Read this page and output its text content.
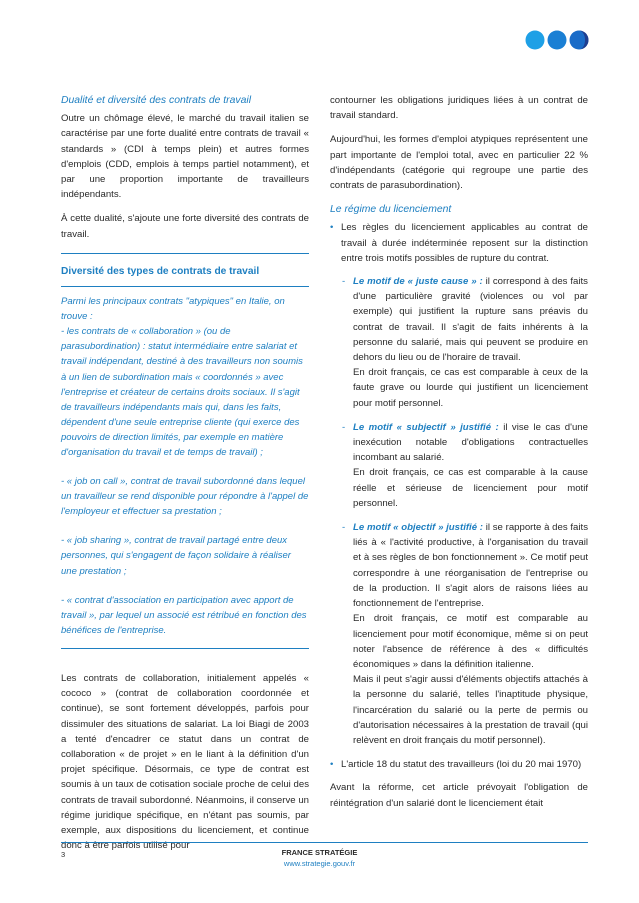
Dualité et diversité des contrats de travail

Outre un chômage élevé, le marché du travail italien se caractérise par une forte dualité entre contrats de travail « standards » (CDI à temps plein) et autres formes d'emplois (CDD, emplois à temps partiel notamment), et par une proportion importante de travailleurs indépendants.

À cette dualité, s'ajoute une forte diversité des contrats de travail.

Diversité des types de contrats de travail

Parmi les principaux contrats "atypiques" en Italie, on trouve :
- les contrats de « collaboration » (ou de parasubordination) : statut intermédiaire entre salariat et travail indépendant, destiné à des travailleurs non soumis à un lien de subordination mais « coordonnés » avec l'entreprise et créateur de certains droits sociaux. Il s'agit de travailleurs indépendants mais qui, dans les faits, dépendent d'une seule entreprise cliente (qui exerce des pouvoirs de direction limités, par exemple en matière d'organisation du travail et de temps de travail) ;

- « job on call », contrat de travail subordonné dans lequel un travailleur se rend disponible pour répondre à l'appel de l'employeur et effectuer sa prestation ;

- « job sharing », contrat de travail partagé entre deux personnes, qui s'engagent de façon solidaire à réaliser une prestation ;

- « contrat d'association en participation avec apport de travail », par lequel un associé est rétribué en fonction des bénéfices de l'entreprise.

Les contrats de collaboration, initialement appelés « cococo » (contrat de collaboration coordonnée et continue), se sont fortement développés, parfois pour dissimuler des situations de salariat. La loi Biagi de 2003 a tenté d'encadrer ce statut dans un contrat de collaboration « de projet » en le liant à la définition d'un projet spécifique. Désormais, ce type de contrat est soumis à un taux de cotisation sociale proche de celui des contrats de travail subordonné. Néanmoins, il conserve un régime juridique spécifique, en n'étant pas soumis, par exemple, aux dispositions du licenciement, et continue donc à être parfois utilisé pour

contourner les obligations juridiques liées à un contrat de travail standard.

Aujourd'hui, les formes d'emploi atypiques représentent une part importante de l'emploi total, avec en particulier 22 % d'indépendants (catégorie qui regroupe une partie des contrats de parasubordination).

Le régime du licenciement
• Les règles du licenciement applicables au contrat de travail à durée indéterminée reposent sur la distinction entre trois motifs possibles de rupture du contrat.
- Le motif de « juste cause » : il correspond à des faits d'une particulière gravité (violences ou vol par exemple) qui justifient la rupture sans préavis du contrat de travail. Il s'agit de faits inhérents à la personne du salarié, mais qui peuvent se produire en dehors du lieu ou de l'horaire de travail.
En droit français, ce cas est comparable à ceux de la faute grave ou lourde qui justifient un licenciement pour motif personnel.
- Le motif « subjectif » justifié : il vise le cas d'une inexécution notable d'obligations contractuelles incombant au salarié.
En droit français, ce cas est comparable à la cause réelle et sérieuse de licenciement pour motif personnel.
- Le motif « objectif » justifié : il se rapporte à des faits liés à « l'activité productive, à l'organisation du travail et à ses règles de bon fonctionnement ». Ce motif peut correspondre à une réorganisation de l'entreprise ou de la production. Il s'agit alors de raisons liées au fonctionnement de l'entreprise.
En droit français, ce motif est comparable au licenciement pour motif économique, même si on peut noter l'absence de référence à des « difficultés économiques » dans la définition italienne.
Mais il peut s'agir aussi d'éléments objectifs attachés à la personne du salarié, telles l'inaptitude physique, l'incarcération du salarié ou la perte de permis ou d'autorisation nécessaires à la prestation de travail (qui relèvent en droit français du motif personnel).
• L'article 18 du statut des travailleurs (loi du 20 mai 1970)

Avant la réforme, cet article prévoyait l'obligation de réintégration d'un salarié dont le licenciement était

3	FRANCE STRATÉGIE
www.strategie.gouv.fr
